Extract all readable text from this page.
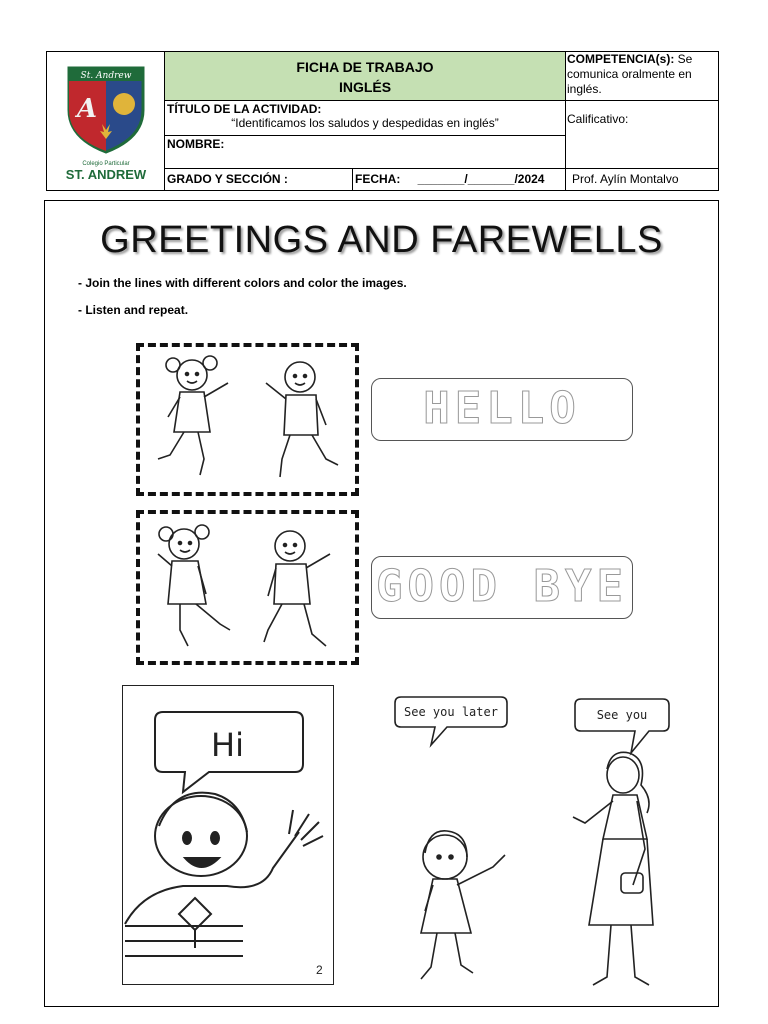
St. Andrew
A
Colegio Particular
ST. ANDREW
FICHA DE TRABAJO
INGLÉS
TÍTULO DE LA ACTIVIDAD:
“Identificamos los saludos y despedidas en inglés”
NOMBRE:
COMPETENCIA(s): Se comunica oralmente en inglés.
Calificativo:
GRADO Y SECCIÓN :	FECHA: _______/_______/2024	Prof. Aylín Montalvo
GREETINGS AND FAREWELLS
- Join the lines with different colors and color the images.
- Listen and repeat.
HELLO
GOOD BYE
Hi
2
See you later	See you
